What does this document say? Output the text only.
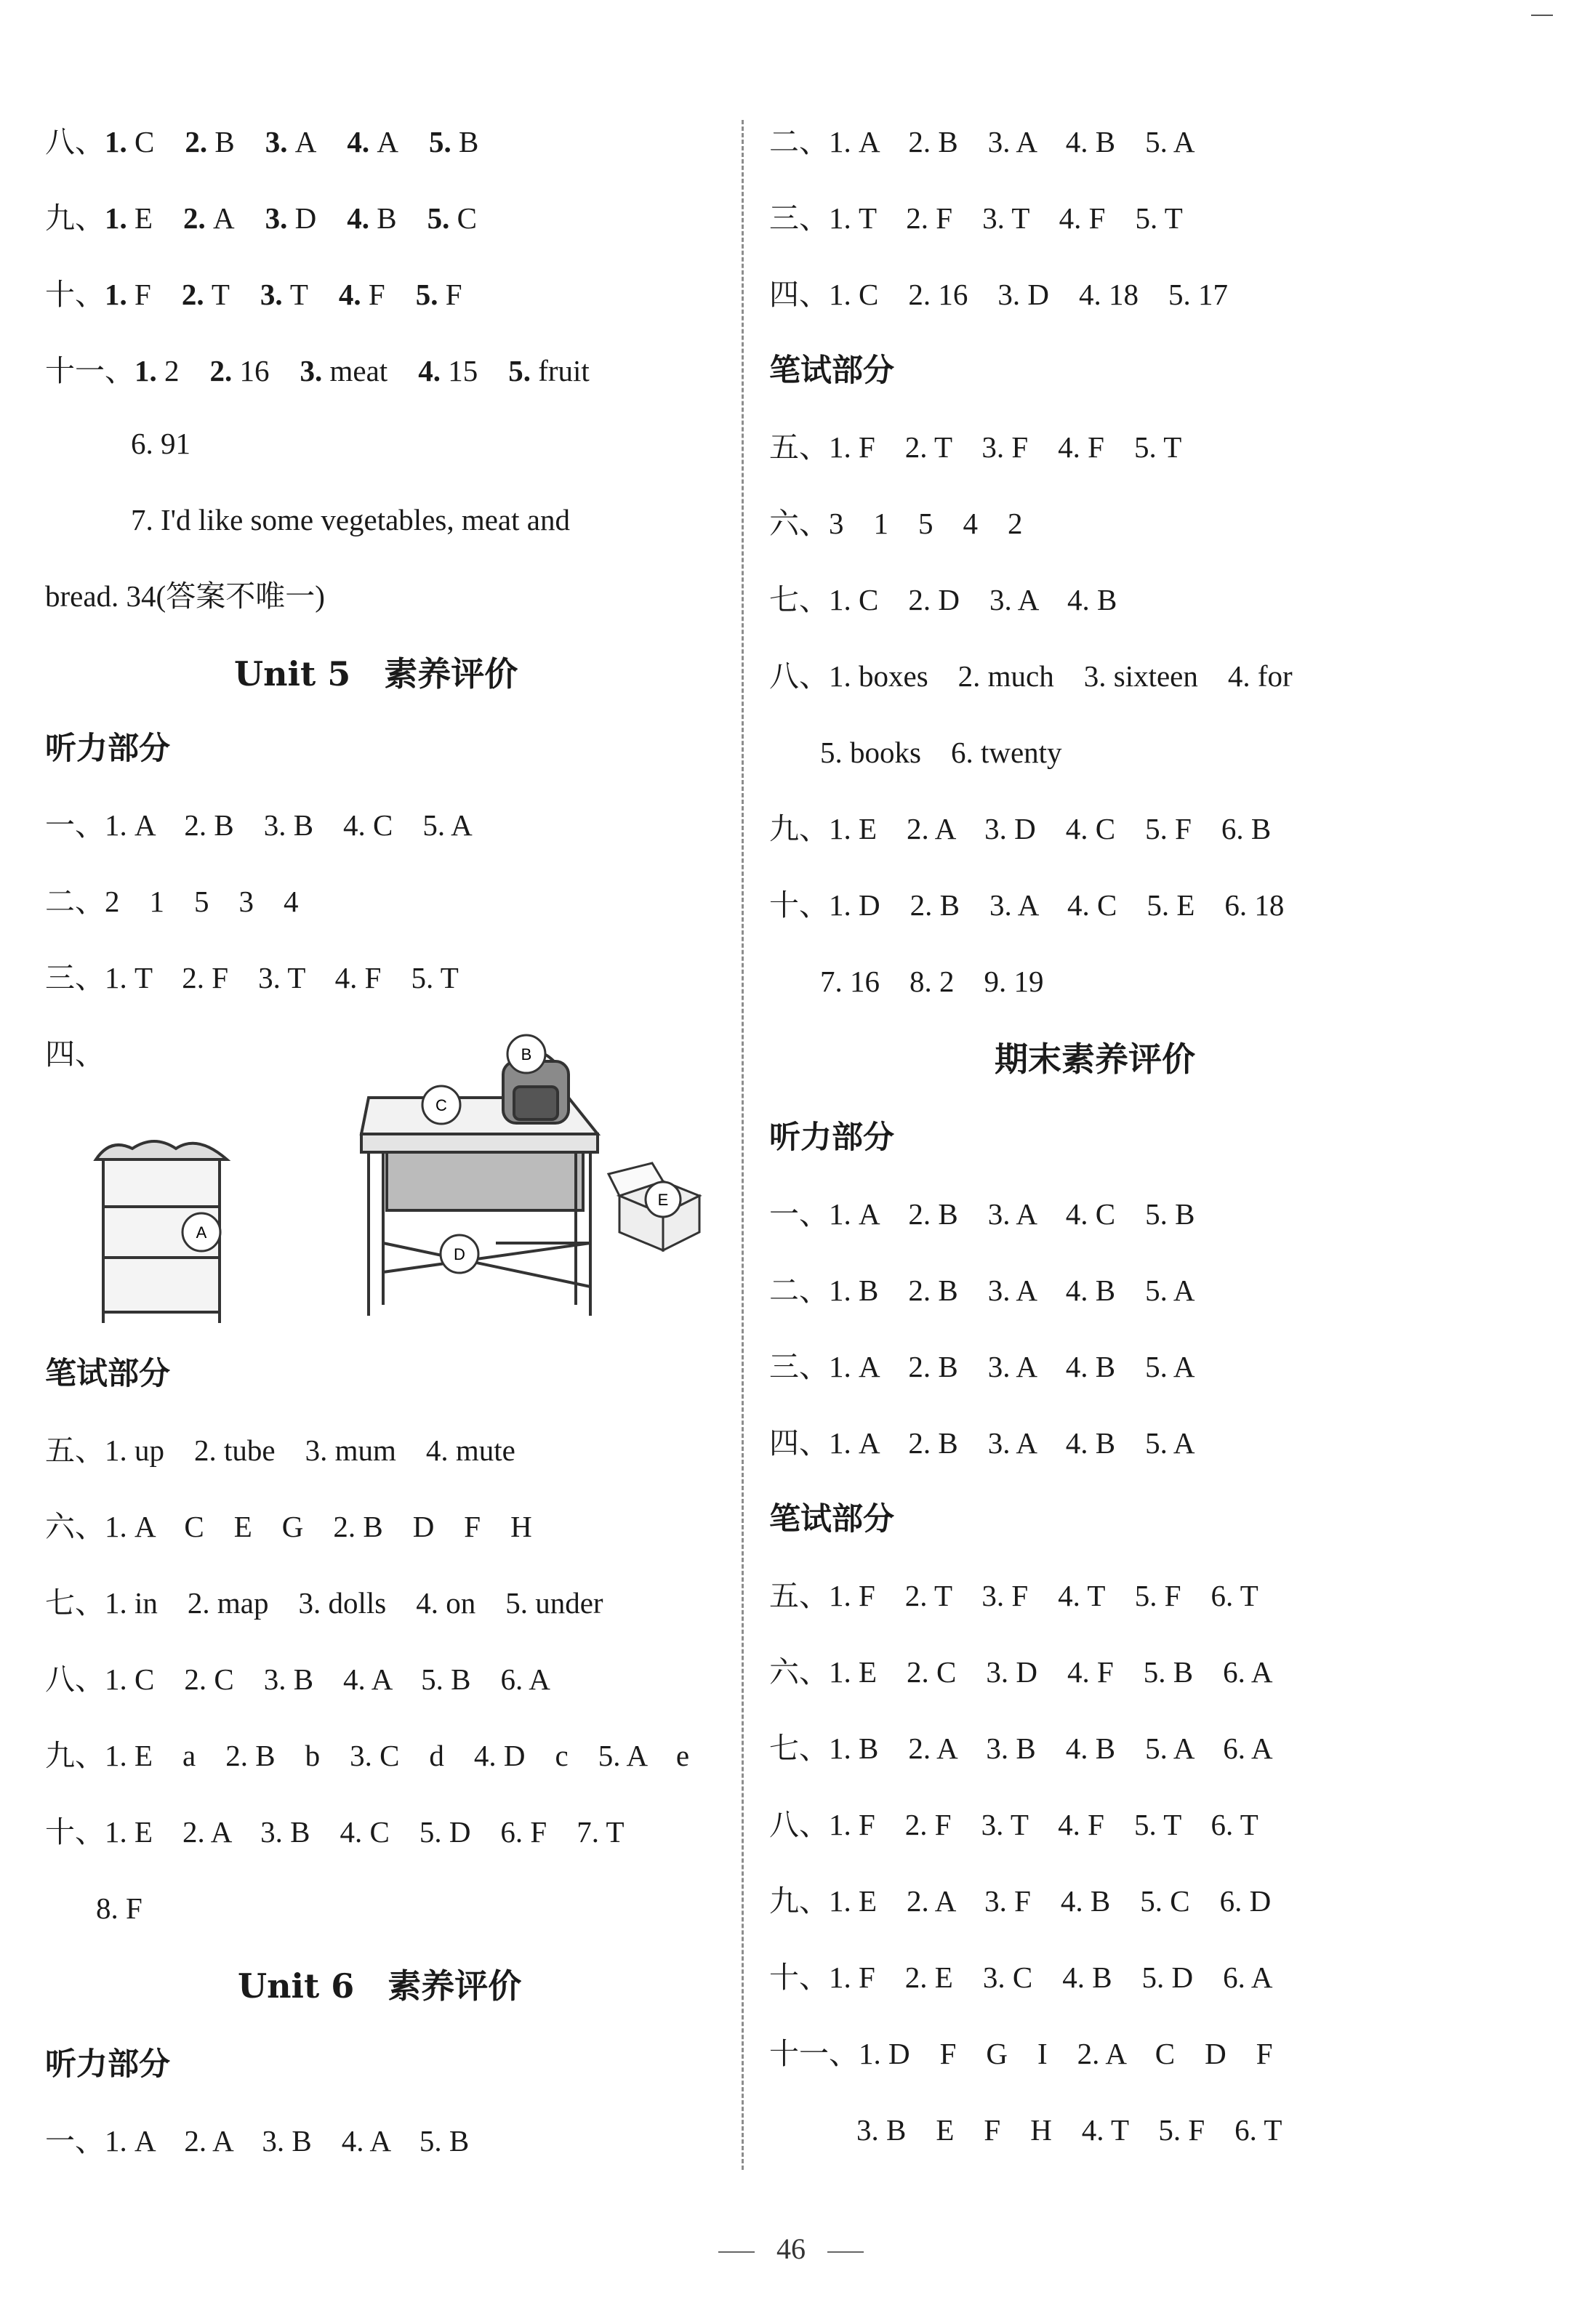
八、1. C 2. B 3. A 4. A 5. B
九、1. E 2. A 3. D 4. B 5. C
十、1. F 2. T 3. T 4. F 5. F
十一、1. 2 2. 16 3. meat 4. 15 5. fruit
6. 91
7. I'd like some vegetables, meat and
bread. 34(答案不唯一)
Unit 5　素养评价
听力部分
一、1. A　2. B　3. B　4. C　5. A
二、2　1　5　3　4
三、1. T　2. F　3. T　4. F　5. T
四、
A
C
B
D
E
笔试部分
五、1. up　2. tube　3. mum　4. mute
六、1. A　C　E　G　2. B　D　F　H
七、1. in　2. map　3. dolls　4. on　5. under
八、1. C　2. C　3. B　4. A　5. B　6. A
九、1. E　a　2. B　b　3. C　d　4. D　c　5. A　e
十、1. E　2. A　3. B　4. C　5. D　6. F　7. T
8. F
Unit 6　素养评价
听力部分
一、1. A　2. A　3. B　4. A　5. B
二、1. A　2. B　3. A　4. B　5. A
三、1. T　2. F　3. T　4. F　5. T
四、1. C　2. 16　3. D　4. 18　5. 17
笔试部分
五、1. F　2. T　3. F　4. F　5. T
六、3　1　5　4　2
七、1. C　2. D　3. A　4. B
八、1. boxes　2. much　3. sixteen　4. for
5. books　6. twenty
九、1. E　2. A　3. D　4. C　5. F　6. B
十、1. D　2. B　3. A　4. C　5. E　6. 18
7. 16　8. 2　9. 19
期末素养评价
听力部分
一、1. A　2. B　3. A　4. C　5. B
二、1. B　2. B　3. A　4. B　5. A
三、1. A　2. B　3. A　4. B　5. A
四、1. A　2. B　3. A　4. B　5. A
笔试部分
五、1. F　2. T　3. F　4. T　5. F　6. T
六、1. E　2. C　3. D　4. F　5. B　6. A
七、1. B　2. A　3. B　4. B　5. A　6. A
八、1. F　2. F　3. T　4. F　5. T　6. T
九、1. E　2. A　3. F　4. B　5. C　6. D
十、1. F　2. E　3. C　4. B　5. D　6. A
十一、1. D　F　G　I　2. A　C　D　F
3. B　E　F　H　4. T　5. F　6. T
46
